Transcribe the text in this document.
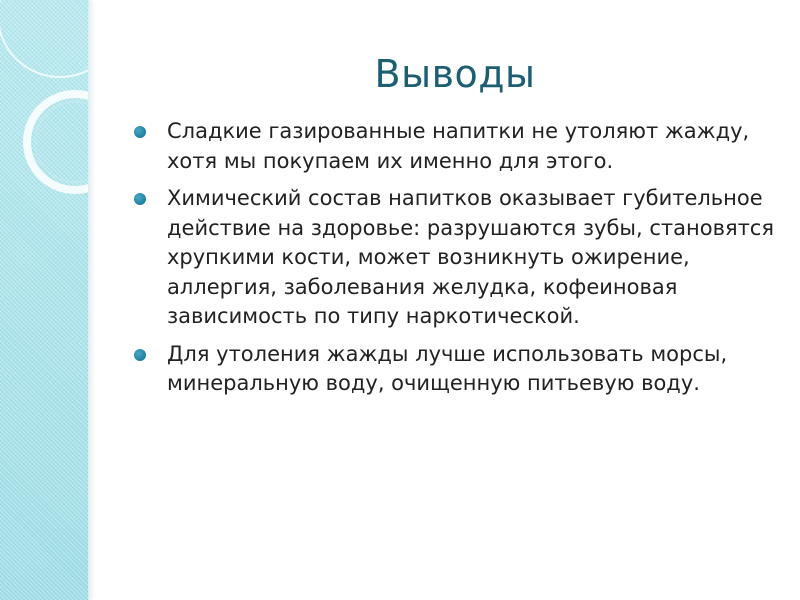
Выводы
Сладкие газированные напитки не утоляют жажду, хотя мы покупаем их именно для этого.
Химический состав напитков оказывает губительное действие на здоровье: разрушаются зубы, становятся хрупкими кости, может возникнуть ожирение, аллергия, заболевания желудка, кофеиновая зависимость по типу наркотической.
Для утоления жажды лучше использовать морсы, минеральную воду, очищенную питьевую воду.
